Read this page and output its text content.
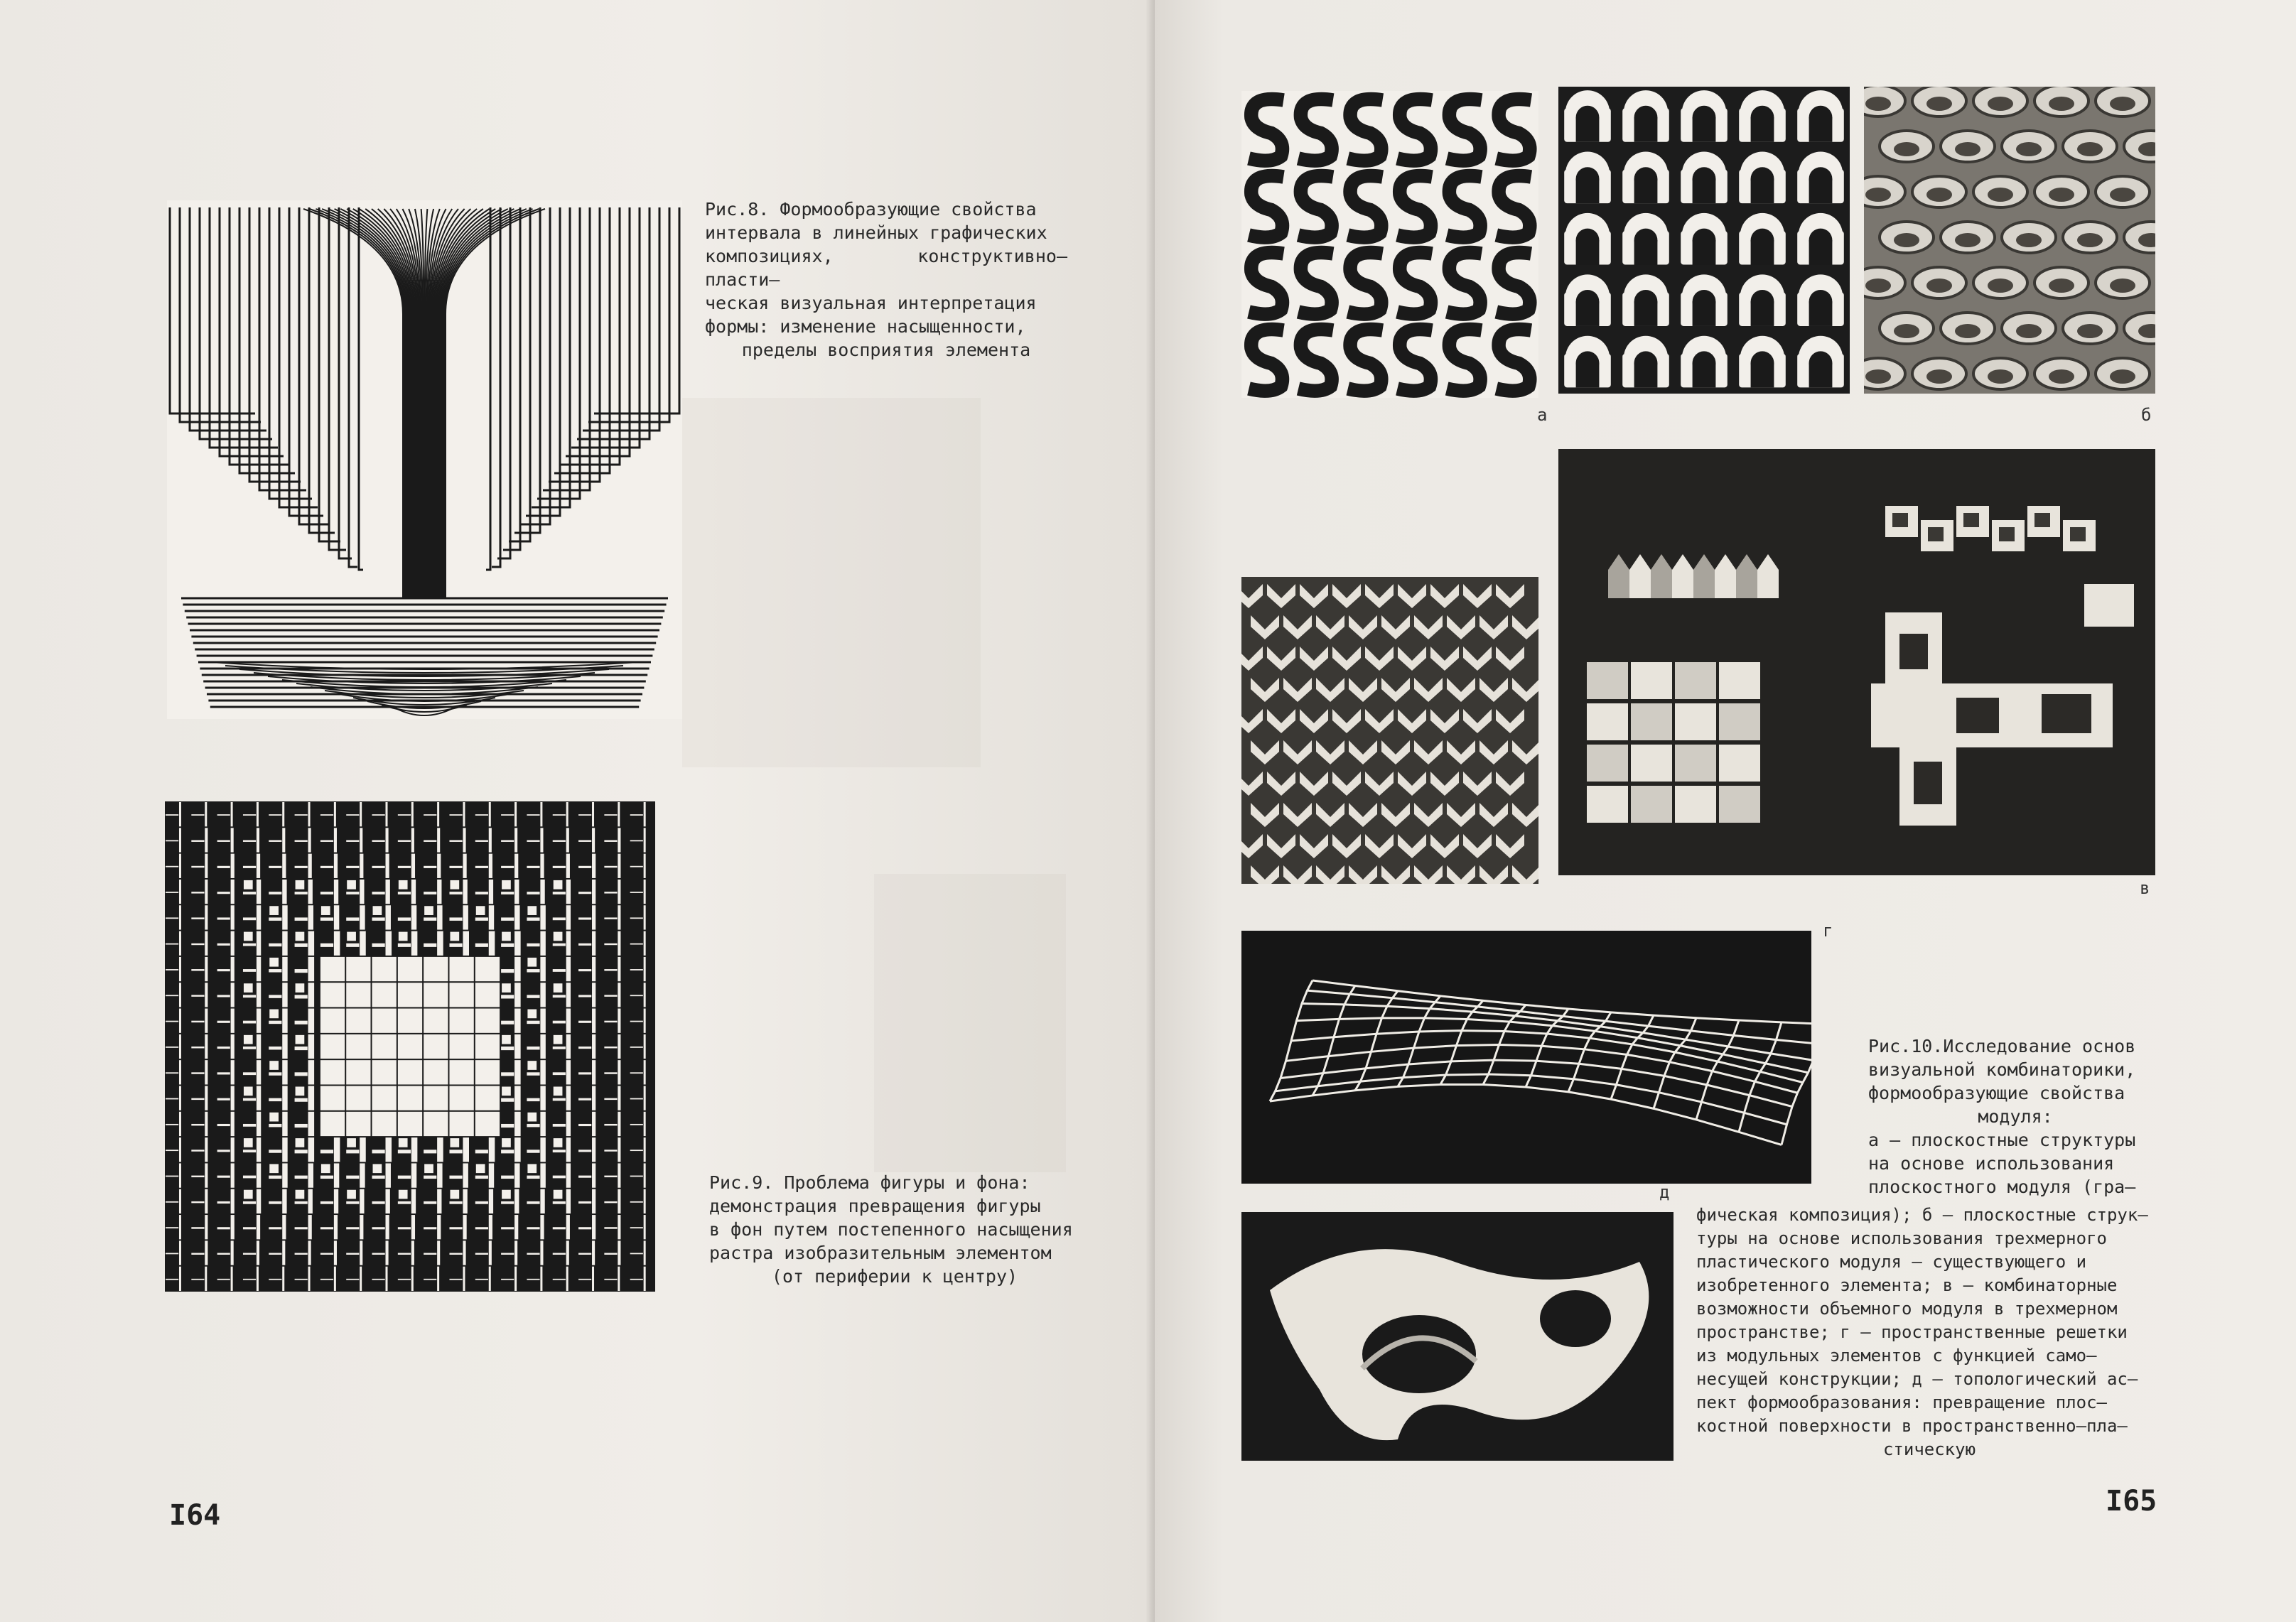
Рис.8. Формообразующие свойства
интервала в линейных графических
композициях, конструктивно–пласти–
ческая визуальная интерпретация
формы: изменение насыщенности,
пределы восприятия элемента
Рис.9. Проблема фигуры и фона:
демонстрация превращения фигуры
в фон путем постепенного насыщения
растра изобразительным элементом
(от периферии к центру)
I64
а	б
в
г
д
Рис.10.Исследование основ
визуальной комбинаторики,
формообразующие свойства
модуля:
а – плоскостные структуры
на основе использования
плоскостного модуля (гра–
фическая композиция); б – плоскостные струк–
туры на основе использования трехмерного
пластического модуля – существующего и
изобретенного элемента; в – комбинаторные
возможности объемного модуля в трехмерном
пространстве; г – пространственные решетки
из модульных элементов с функцией само–
несущей конструкции; д – топологический ас–
пект формообразования: превращение плос–
костной поверхности в пространственно–пла–
стическую
I65
